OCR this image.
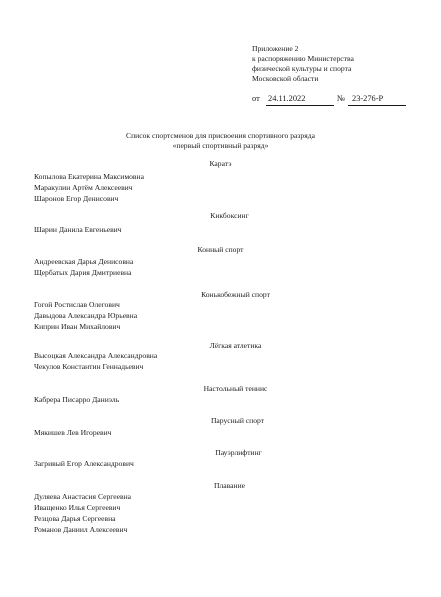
Приложение 2
к распоряжению Министерства
физической культуры и спорта
Московской области
от 24.11.2022	№ 23-276-Р
Список спортсменов для присвоения спортивного разряда
«первый спортивный разряд»
Каратэ
Копылова Екатерина Максимовна
Маракулин Артём Алексеевич
Шаронов Егор Денисович
Кикбоксинг
Шарин Данила Евгеньевич
Конный спорт
Андреевская Дарья Денисовна
Щербатых Дария Дмитриевна
Конькобежный спорт
Гогой Ростислав Олегович
Давыдова Александра Юрьевна
Киприн Иван Михайлович
Лёгкая атлетика
Высоцкая Александра Александровна
Чекулов Константин Геннадьевич
Настольный теннис
Кабрера Писарро Даниэль
Парусный спорт
Мякишев Лев Игоревич
Пауэрлифтинг
Загривый Егор Александрович
Плавание
Дуляева Анастасия Сергеевна
Иващенко Илья Сергеевич
Резцова Дарья Сергеевна
Романов Даниил Алексеевич
